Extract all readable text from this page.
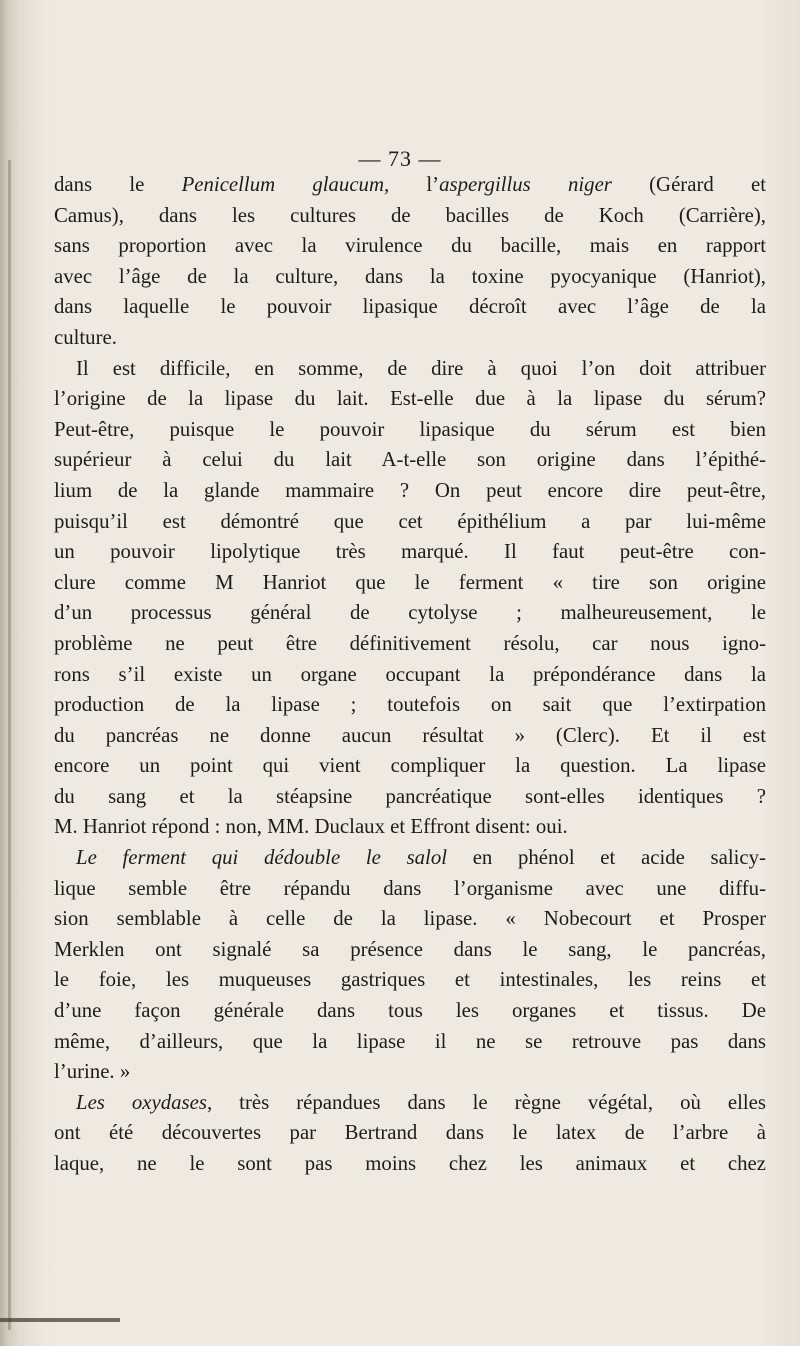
— 73 —
dans le Penicellum glaucum, l’aspergillus niger (Gérard et
Camus), dans les cultures de bacilles de Koch (Carrière),
sans proportion avec la virulence du bacille, mais en rapport
avec l’âge de la culture, dans la toxine pyocyanique (Hanriot),
dans laquelle le pouvoir lipasique décroît avec l’âge de la
culture.
Il est difficile, en somme, de dire à quoi l’on doit attribuer
l’origine de la lipase du lait. Est-elle due à la lipase du sérum?
Peut-être, puisque le pouvoir lipasique du sérum est bien
supérieur à celui du lait A-t-elle son origine dans l’épithé-
lium de la glande mammaire ? On peut encore dire peut-être,
puisqu’il est démontré que cet épithélium a par lui-même
un pouvoir lipolytique très marqué. Il faut peut-être con-
clure comme M Hanriot que le ferment « tire son origine
d’un processus général de cytolyse ; malheureusement, le
problème ne peut être définitivement résolu, car nous igno-
rons s’il existe un organe occupant la prépondérance dans la
production de la lipase ; toutefois on sait que l’extirpation
du pancréas ne donne aucun résultat » (Clerc). Et il est
encore un point qui vient compliquer la question. La lipase
du sang et la stéapsine pancréatique sont-elles identiques ?
M. Hanriot répond : non, MM. Duclaux et Effront disent: oui.
Le ferment qui dédouble le salol en phénol et acide salicy-
lique semble être répandu dans l’organisme avec une diffu-
sion semblable à celle de la lipase. « Nobecourt et Prosper
Merklen ont signalé sa présence dans le sang, le pancréas,
le foie, les muqueuses gastriques et intestinales, les reins et
d’une façon générale dans tous les organes et tissus. De
même, d’ailleurs, que la lipase il ne se retrouve pas dans
l’urine. »
Les oxydases, très répandues dans le règne végétal, où elles
ont été découvertes par Bertrand dans le latex de l’arbre à
laque, ne le sont pas moins chez les animaux et chez
